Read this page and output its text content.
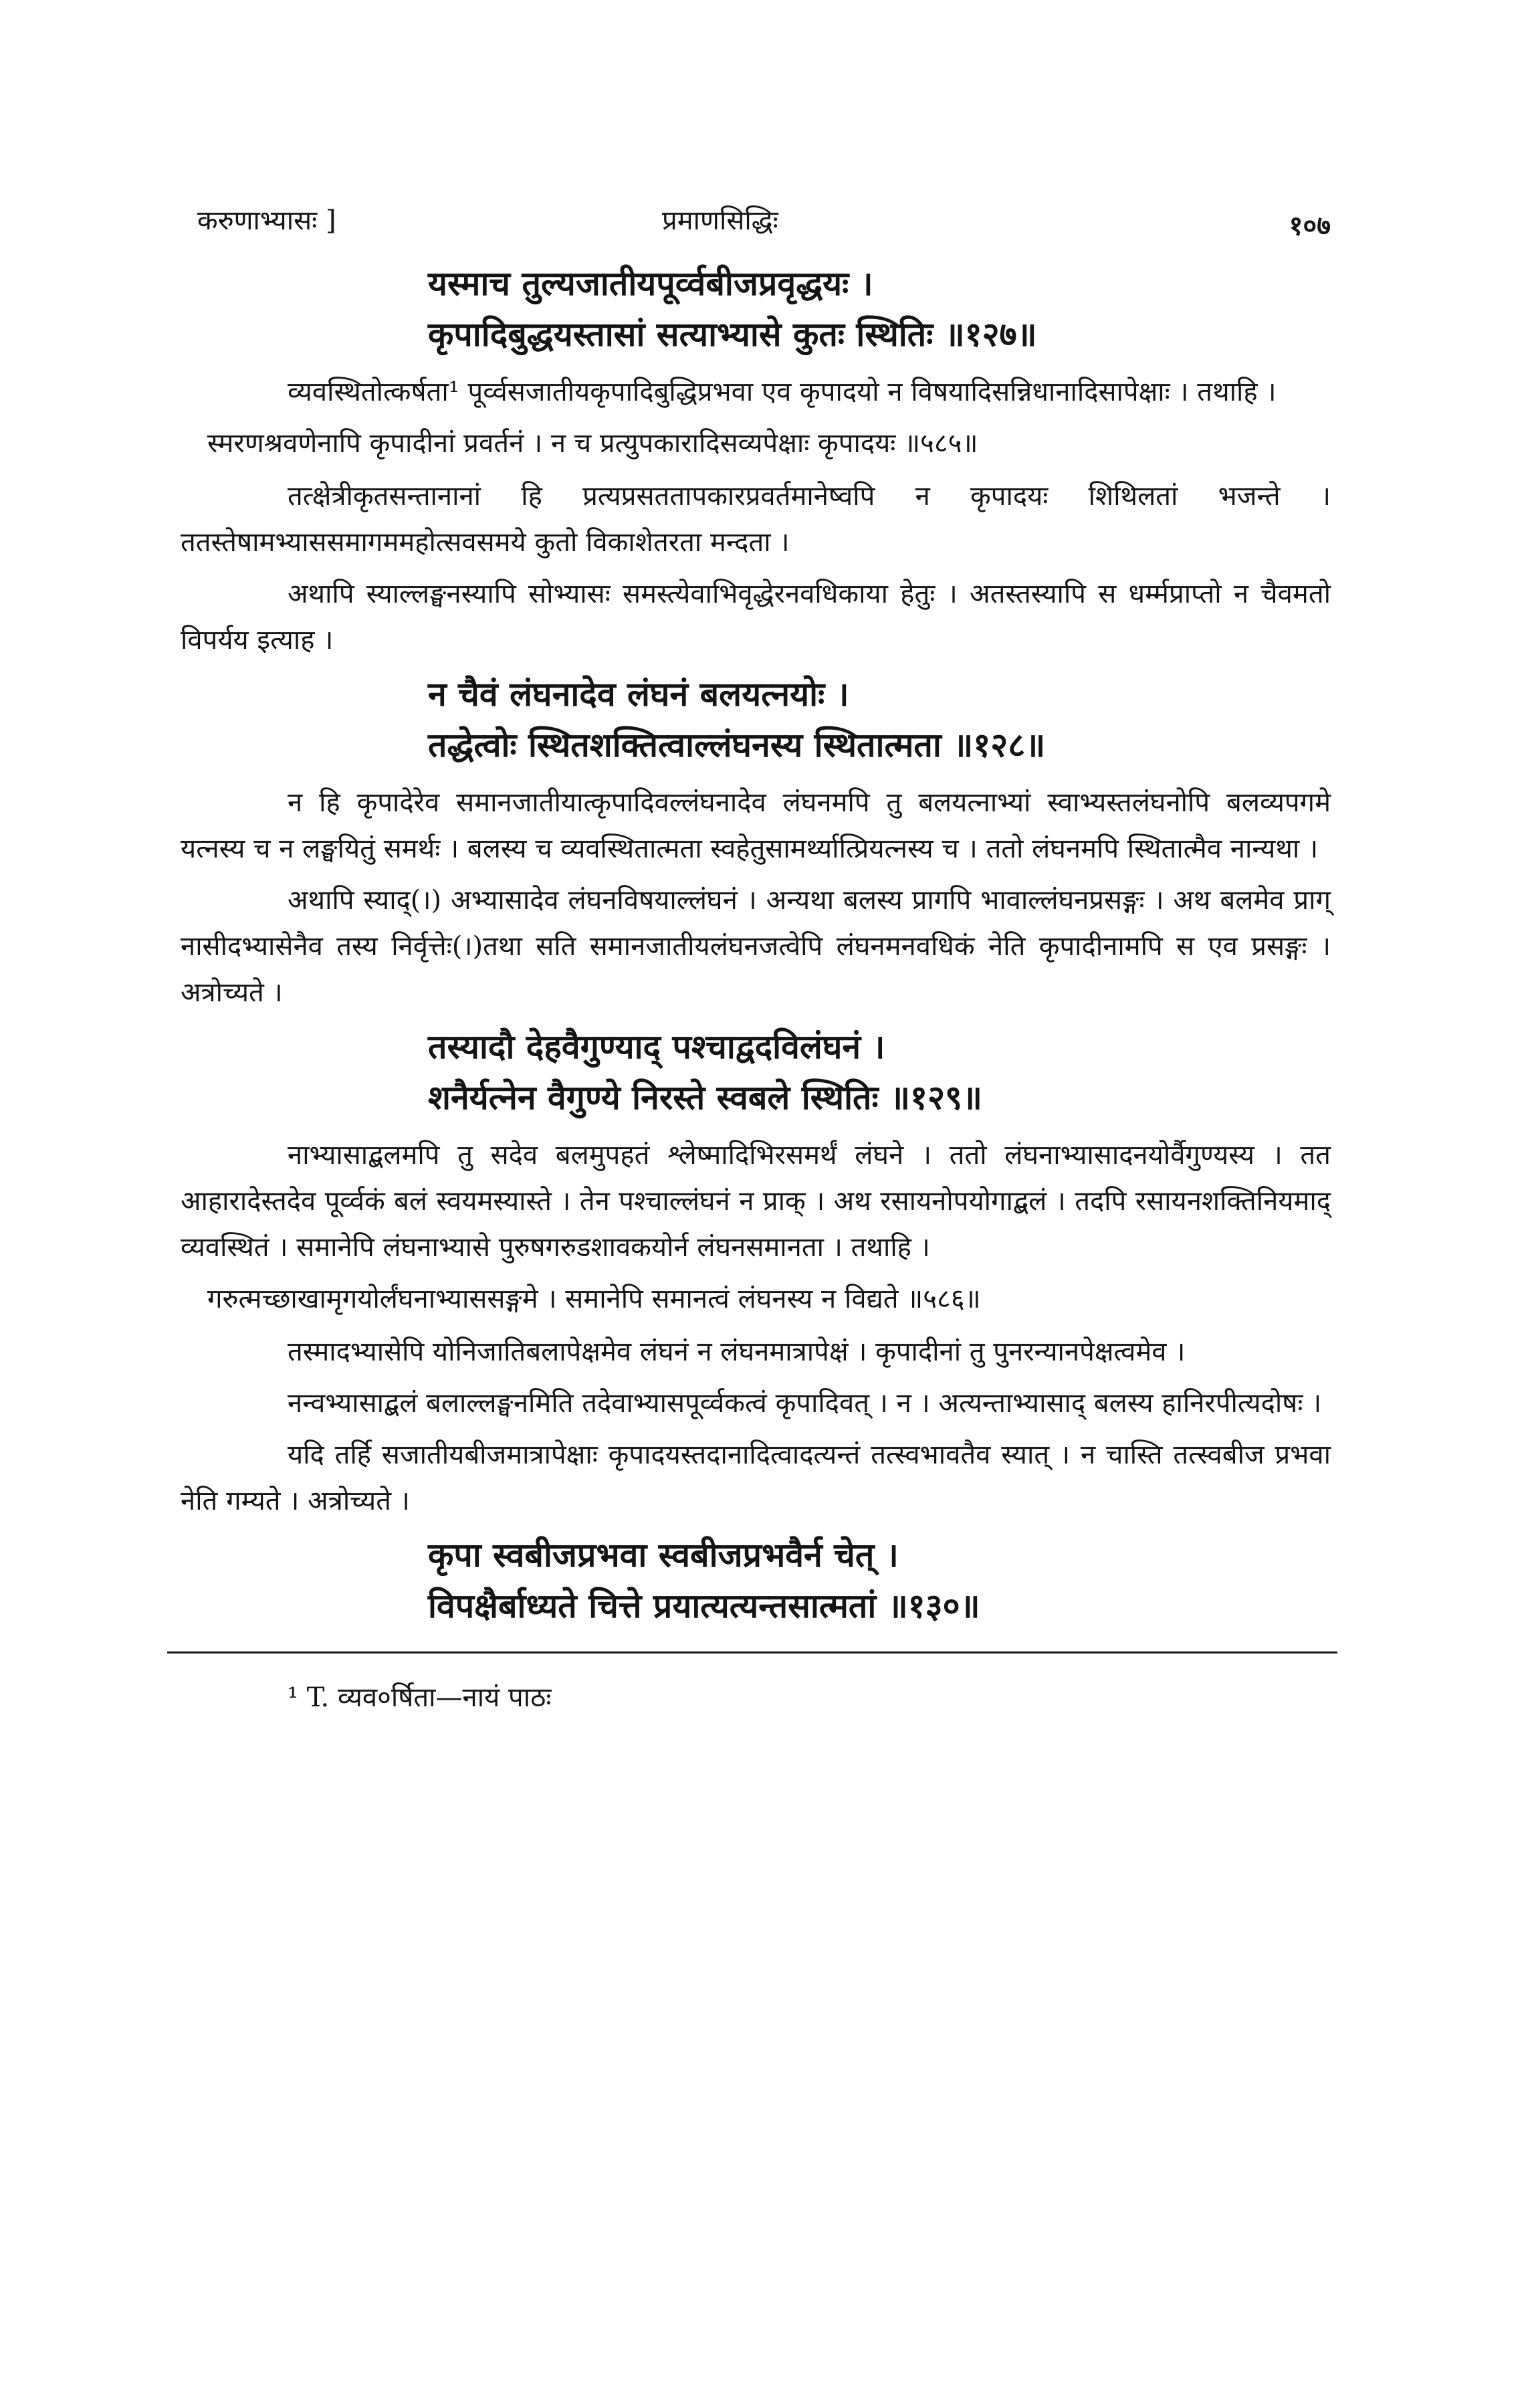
करुणाभ्यासः ]	प्रमाणसिद्धिः	१०७
यस्माच तुल्यजातीयपूर्व्वबीजप्रवृद्धयः ।
कृपादिबुद्धयस्तासां सत्याभ्यासे कुतः स्थितिः ॥१२७॥

व्यवस्थितोत्कर्षता¹ पूर्व्वसजातीयकृपादिबुद्धिप्रभवा एव कृपादयो न विषयादिसन्निधानादिसापेक्षाः । तथाहि ।

स्मरणश्रवणेनापि कृपादीनां प्रवर्तनं । न च प्रत्युपकारादिसव्यपेक्षाः कृपादयः ॥५८५॥

तत्क्षेत्रीकृतसन्तानानां हि प्रत्यप्रसततापकारप्रवर्तमानेष्वपि न कृपादयः शिथिलतां भजन्ते । ततस्तेषामभ्याससमागममहोत्सवसमये कुतो विकाशेतरता मन्दता ।

अथापि स्याल्लङ्घनस्यापि सोभ्यासः समस्त्येवाभिवृद्धेरनवधिकाया हेतुः । अतस्तस्यापि स धर्म्मप्राप्तो न चैवमतो विपर्यय इत्याह ।

न चैवं लंघनादेव लंघनं बलयत्नयोः ।
तद्धेत्वोः स्थितशक्तित्वाल्लंघनस्य स्थितात्मता ॥१२८॥

न हि कृपादेरेव समानजातीयात्कृपादिवल्लंघनादेव लंघनमपि तु बलयत्नाभ्यां स्वाभ्यस्तलंघनोपि बलव्यपगमे यत्नस्य च न लङ्घयितुं समर्थः । बलस्य च व्यवस्थितात्मता स्वहेतुसामर्थ्यात्प्रियत्नस्य च । ततो लंघनमपि स्थितात्मैव नान्यथा ।

अथापि स्याद्(।) अभ्यासादेव लंघनविषयाल्लंघनं । अन्यथा बलस्य प्रागपि भावाल्लंघनप्रसङ्गः । अथ बलमेव प्राग् नासीदभ्यासेनैव तस्य निर्वृत्तेः(।)तथा सति समानजातीयलंघनजत्वेपि लंघनमनवधिकं नेति कृपादीनामपि स एव प्रसङ्गः । अत्रोच्यते ।

तस्यादौ देहवैगुण्याद् पश्चाद्वदविलंघनं ।
शनैर्यत्नेन वैगुण्ये निरस्ते स्वबले स्थितिः ॥१२९॥

नाभ्यासाद्बलमपि तु सदेव बलमुपहतं श्लेष्मादिभिरसमर्थं लंघने । ततो लंघनाभ्यासादनयोर्वैगुण्यस्य । तत आहारादेस्तदेव पूर्व्वकं बलं स्वयमस्यास्ते । तेन पश्चाल्लंघनं न प्राक् । अथ रसायनोपयोगाद्बलं । तदपि रसायनशक्तिनियमाद् व्यवस्थितं । समानेपि लंघनाभ्यासे पुरुषगरुडशावकयोर्न लंघनसमानता । तथाहि ।

गरुत्मच्छाखामृगयोर्लंघनाभ्याससङ्गमे । समानेपि समानत्वं लंघनस्य न विद्यते ॥५८६॥

तस्मादभ्यासेपि योनिजातिबलापेक्षमेव लंघनं न लंघनमात्रापेक्षं । कृपादीनां तु पुनरन्यानपेक्षत्वमेव ।

नन्वभ्यासाद्बलं बलाल्लङ्घनमिति तदेवाभ्यासपूर्व्वकत्वं कृपादिवत् । न । अत्यन्ताभ्यासाद् बलस्य हानिरपीत्यदोषः ।

यदि तर्हि सजातीयबीजमात्रापेक्षाः कृपादयस्तदानादित्वादत्यन्तं तत्स्वभावतैव स्यात् । न चास्ति तत्स्वबीज प्रभवा नेति गम्यते । अत्रोच्यते ।

कृपा स्वबीजप्रभवा स्वबीजप्रभवैर्न चेत् ।
विपक्षैर्बाध्यते चित्ते प्रयात्यत्यन्तसात्मतां ॥१३०॥
¹ T. व्यव०र्षिता—नायं पाठः
